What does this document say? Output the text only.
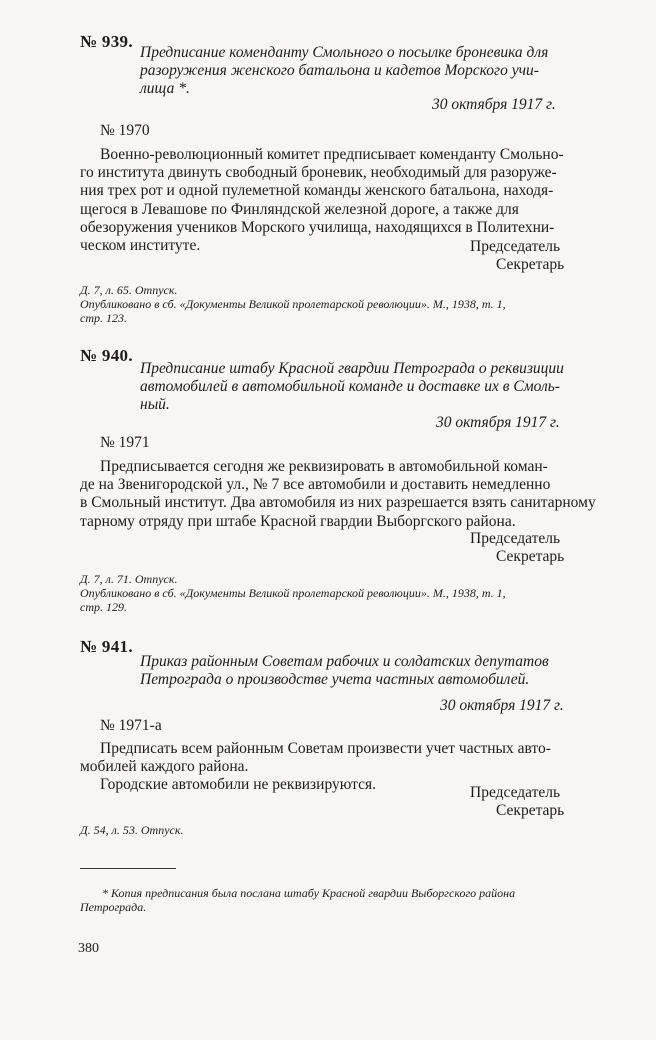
№ 939.
Предписание коменданту Смольного о посылке броневика для
разоружения женского батальона и кадетов Морского учи-
лища *.
30 октября 1917 г.
№ 1970
Военно-революционный комитет предписывает коменданту Смольно-
го института двинуть свободный броневик, необходимый для разоруже-
ния трех рот и одной пулеметной команды женского батальона, находя-
щегося в Левашове по Финляндской железной дороге, а также для
обезоружения учеников Морского училища, находящихся в Политехни-
ческом институте.	Председатель
Секретарь
Д. 7, л. 65. Отпуск.
Опубликовано в сб. «Документы Великой пролетарской революции». М., 1938, т. 1,
стр. 123.
№ 940.
Предписание штабу Красной гвардии Петрограда о реквизиции
автомобилей в автомобильной команде и доставке их в Смоль-
ный.
30 октября 1917 г.
№ 1971
Предписывается сегодня же реквизировать в автомобильной коман-
де на Звенигородской ул., № 7 все автомобили и доставить немедленно
в Смольный институт. Два автомобиля из них разрешается взять санитарному
тарному отряду при штабе Красной гвардии Выборгского района.
Председатель
Секретарь
Д. 7, л. 71. Отпуск.
Опубликовано в сб. «Документы Великой пролетарской революции». М., 1938, т. 1,
стр. 129.
№ 941.
Приказ районным Советам рабочих и солдатских депутатов
Петрограда о производстве учета частных автомобилей.
30 октября 1917 г.
№ 1971-а
Предписать всем районным Советам произвести учет частных авто-
мобилей каждого района.
Городские автомобили не реквизируются.	Председатель
Секретарь
Д. 54, л. 53. Отпуск.
* Копия предписания была послана штабу Красной гвардии Выборгского района
Петрограда.
380
